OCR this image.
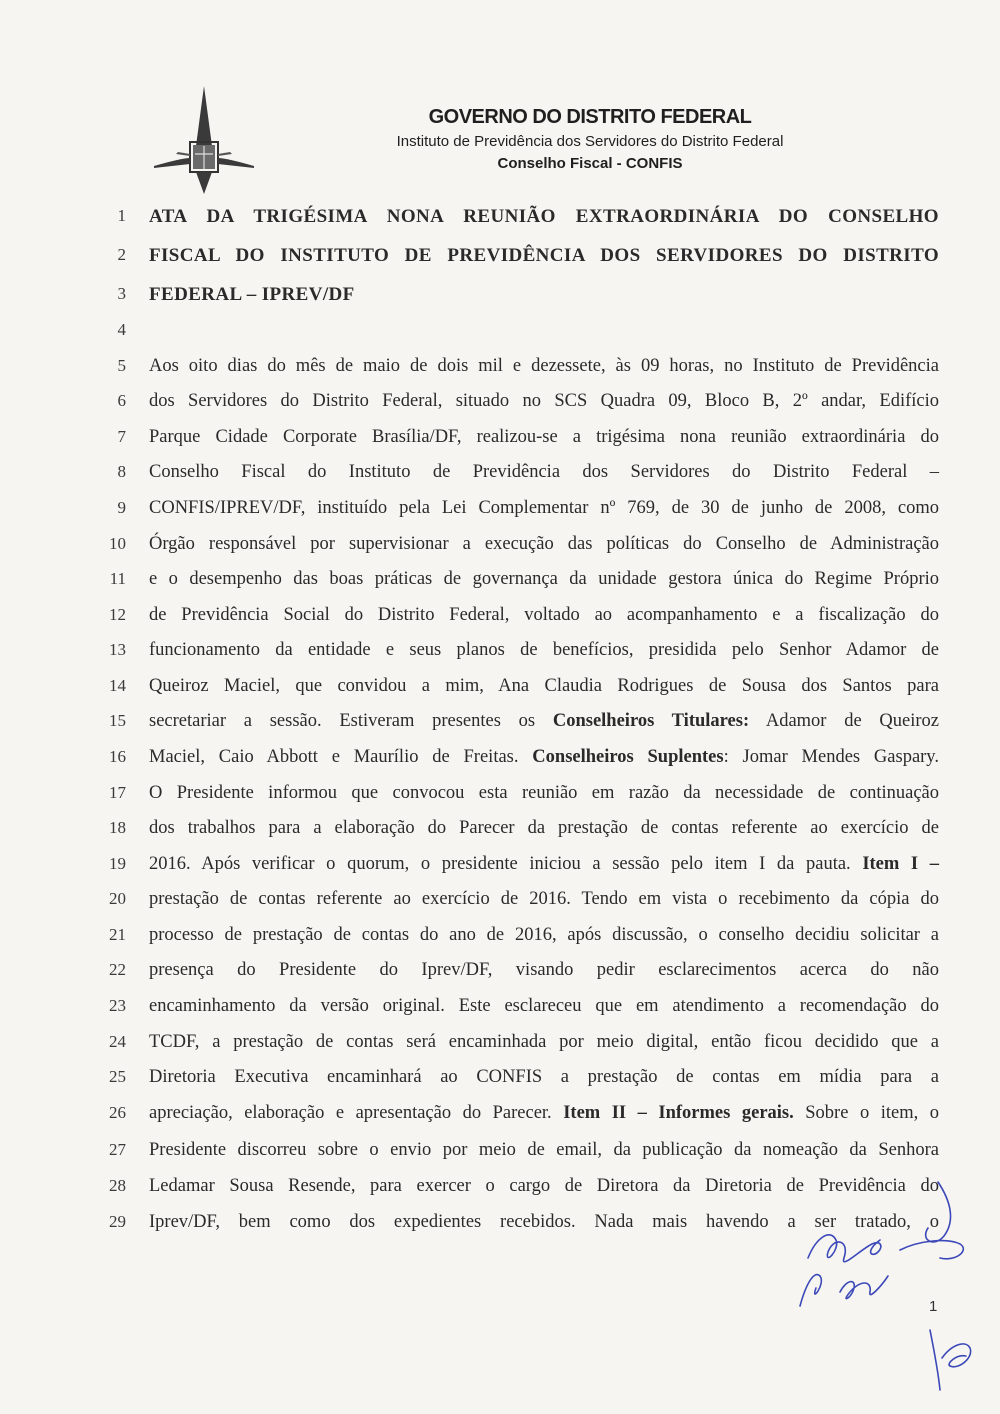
GOVERNO DO DISTRITO FEDERAL
Instituto de Previdência dos Servidores do Distrito Federal
Conselho Fiscal - CONFIS
1 ATA DA TRIGÉSIMA NONA REUNIÃO EXTRAORDINÁRIA DO CONSELHO
2 FISCAL DO INSTITUTO DE PREVIDÊNCIA DOS SERVIDORES DO DISTRITO
3 FEDERAL – IPREV/DF
4
5 Aos oito dias do mês de maio de dois mil e dezessete, às 09 horas, no Instituto de Previdência
6 dos Servidores do Distrito Federal, situado no SCS Quadra 09, Bloco B, 2º andar, Edifício
7 Parque Cidade Corporate Brasília/DF, realizou-se a trigésima nona reunião extraordinária do
8 Conselho Fiscal do Instituto de Previdência dos Servidores do Distrito Federal –
9 CONFIS/IPREV/DF, instituído pela Lei Complementar nº 769, de 30 de junho de 2008, como
10 Órgão responsável por supervisionar a execução das políticas do Conselho de Administração
11 e o desempenho das boas práticas de governança da unidade gestora única do Regime Próprio
12 de Previdência Social do Distrito Federal, voltado ao acompanhamento e a fiscalização do
13 funcionamento da entidade e seus planos de benefícios, presidida pelo Senhor Adamor de
14 Queiroz Maciel, que convidou a mim, Ana Claudia Rodrigues de Sousa dos Santos para
15 secretariar a sessão. Estiveram presentes os Conselheiros Titulares: Adamor de Queiroz
16 Maciel, Caio Abbott e Maurílio de Freitas. Conselheiros Suplentes: Jomar Mendes Gaspary.
17 O Presidente informou que convocou esta reunião em razão da necessidade de continuação
18 dos trabalhos para a elaboração do Parecer da prestação de contas referente ao exercício de
19 2016. Após verificar o quorum, o presidente iniciou a sessão pelo item I da pauta. Item I –
20 prestação de contas referente ao exercício de 2016. Tendo em vista o recebimento da cópia do
21 processo de prestação de contas do ano de 2016, após discussão, o conselho decidiu solicitar a
22 presença do Presidente do Iprev/DF, visando pedir esclarecimentos acerca do não
23 encaminhamento da versão original. Este esclareceu que em atendimento a recomendação do
24 TCDF, a prestação de contas será encaminhada por meio digital, então ficou decidido que a
25 Diretoria Executiva encaminhará ao CONFIS a prestação de contas em mídia para a
26 apreciação, elaboração e apresentação do Parecer. Item II – Informes gerais. Sobre o item, o
27 Presidente discorreu sobre o envio por meio de email, da publicação da nomeação da Senhora
28 Ledamar Sousa Resende, para exercer o cargo de Diretora da Diretoria de Previdência do
29 Iprev/DF, bem como dos expedientes recebidos. Nada mais havendo a ser tratado, o
1
